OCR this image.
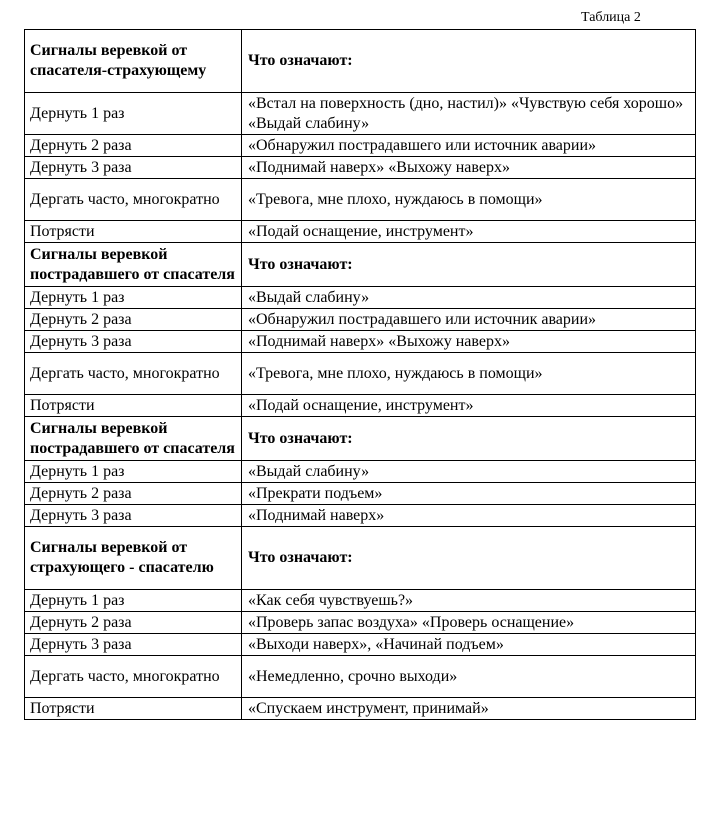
Таблица 2
Сигналы веревкой от спасателя-страхующему	Что означают:
Дернуть 1 раз	«Встал на поверхность (дно, настил)» «Чувствую себя хорошо» «Выдай слабину»
Дернуть 2 раза	«Обнаружил пострадавшего или источник аварии»
Дернуть 3 раза	«Поднимай наверх» «Выхожу наверх»
Дергать часто, многократно	«Тревога, мне плохо, нуждаюсь в помощи»
Потрясти	«Подай оснащение, инструмент»
Сигналы веревкой пострадавшего от спасателя	Что означают:
Дернуть 1 раз	«Выдай слабину»
Дернуть 2 раза	«Обнаружил пострадавшего или источник аварии»
Дернуть 3 раза	«Поднимай наверх» «Выхожу наверх»
Дергать часто, многократно	«Тревога, мне плохо, нуждаюсь в помощи»
Потрясти	«Подай оснащение, инструмент»
Сигналы веревкой пострадавшего от спасателя	Что означают:
Дернуть 1 раз	«Выдай слабину»
Дернуть 2 раза	«Прекрати подъем»
Дернуть 3 раза	«Поднимай наверх»
Сигналы веревкой от страхующего - спасателю	Что означают:
Дернуть 1 раз	«Как себя чувствуешь?»
Дернуть 2 раза	«Проверь запас воздуха» «Проверь оснащение»
Дернуть 3 раза	«Выходи наверх», «Начинай подъем»
Дергать часто, многократно	«Немедленно, срочно выходи»
Потрясти	«Спускаем инструмент, принимай»
